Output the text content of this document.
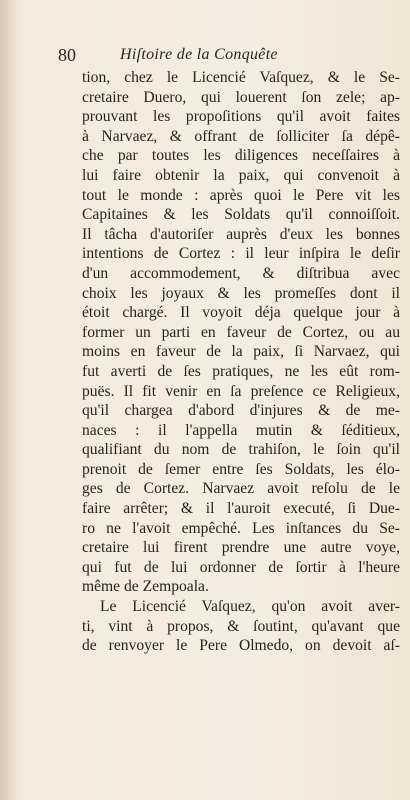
80	Hiſtoire de la Conquête
tion, chez le Licencié Vaſquez, & le Se-
cretaire Duero, qui louerent ſon zele; ap-
prouvant les propoſitions qu'il avoit faites
à Narvaez, & offrant de ſolliciter ſa dépê-
che par toutes les diligences neceſſaires à
lui faire obtenir la paix, qui convenoit à
tout le monde : après quoi le Pere vit les
Capitaines & les Soldats qu'il connoiſſoit.
Il tâcha d'autoriſer auprès d'eux les bonnes
intentions de Cortez : il leur inſpira le deſir
d'un accommodement, & diſtribua avec
choix les joyaux & les promeſſes dont il
étoit chargé. Il voyoit déja quelque jour à
former un parti en faveur de Cortez, ou au
moins en faveur de la paix, ſi Narvaez, qui
fut averti de ſes pratiques, ne les eût rom-
puës. Il fit venir en ſa preſence ce Religieux,
qu'il chargea d'abord d'injures & de me-
naces : il l'appella mutin & ſéditieux,
qualifiant du nom de trahiſon, le ſoin qu'il
prenoit de ſemer entre ſes Soldats, les élo-
ges de Cortez. Narvaez avoit reſolu de le
faire arrêter; & il l'auroit executé, ſi Due-
ro ne l'avoit empêché. Les inſtances du Se-
cretaire lui firent prendre une autre voye,
qui fut de lui ordonner de ſortir à l'heure
même de Zempoala.
Le Licencié Vaſquez, qu'on avoit aver-
ti, vint à propos, & ſoutint, qu'avant que
de renvoyer le Pere Olmedo, on devoit aſ-
